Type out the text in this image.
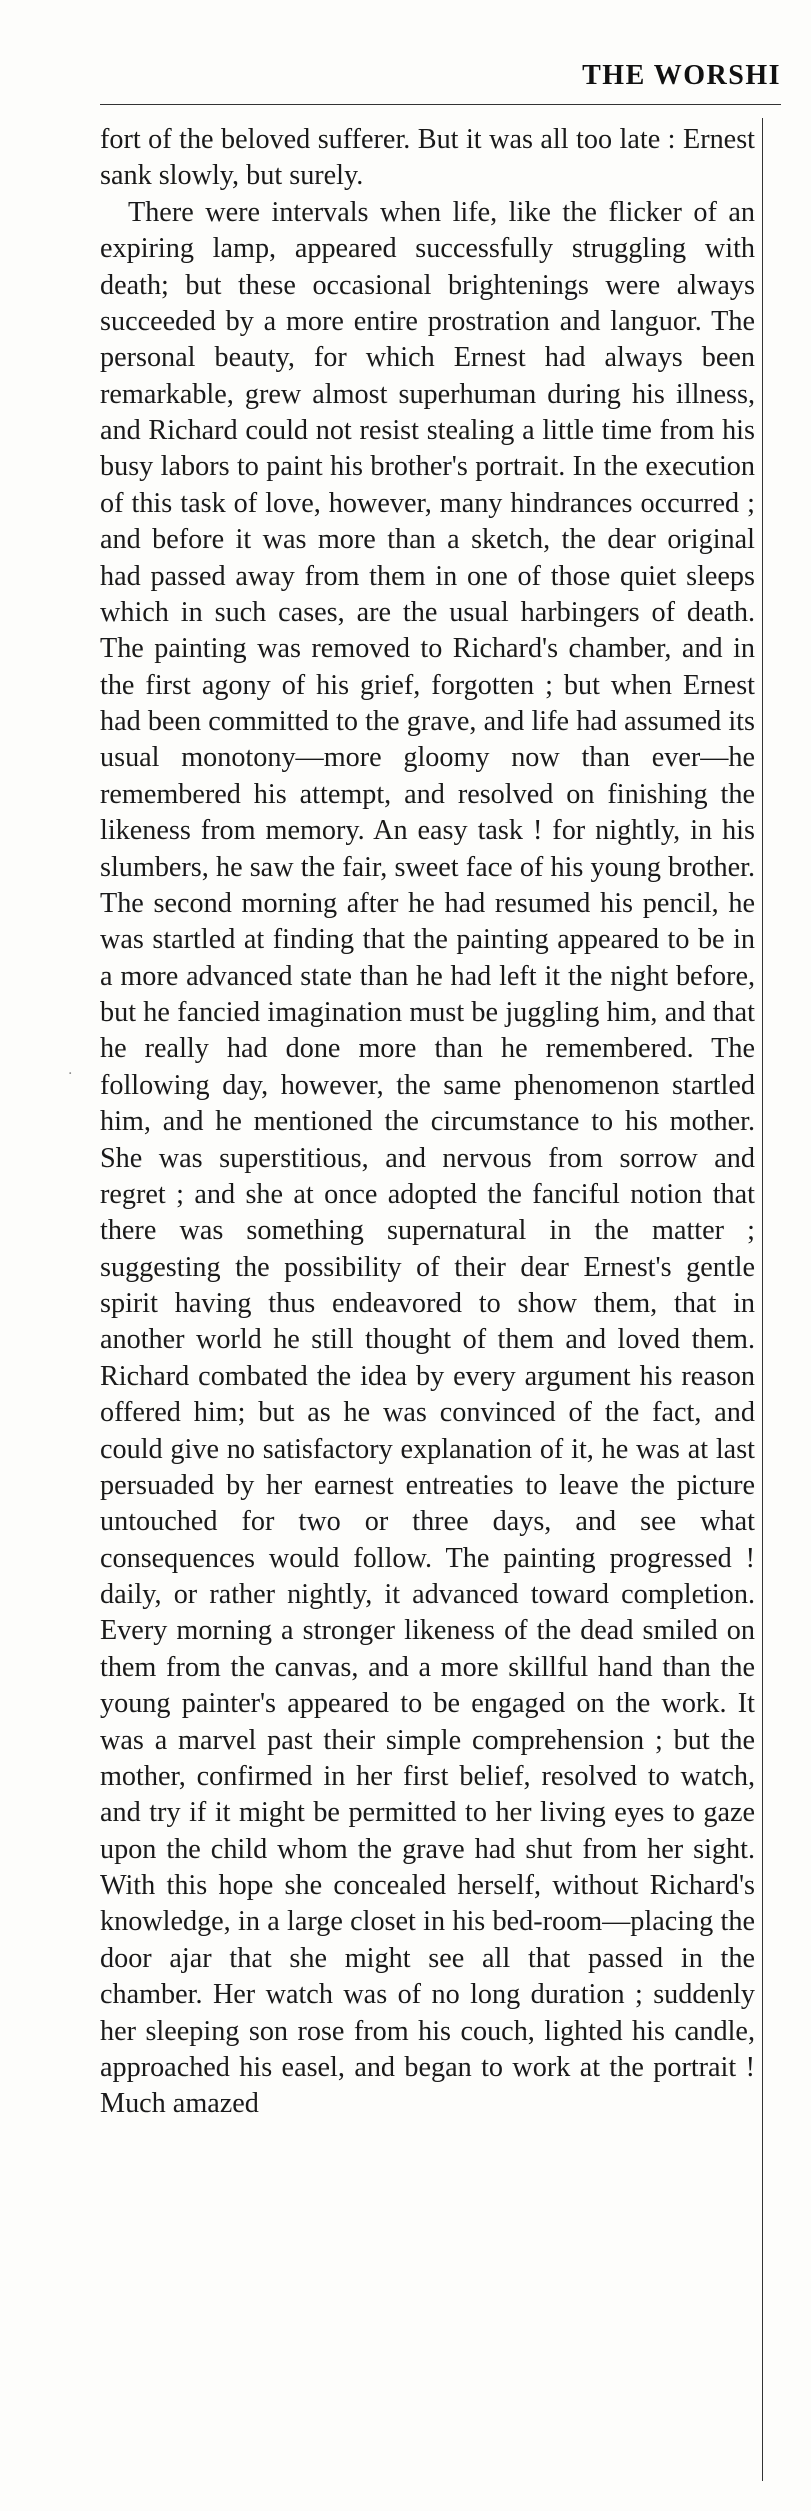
THE WORSHI
·

fort of the beloved sufferer. But it was all too late : Ernest sank slowly, but surely.

There were intervals when life, like the flicker of an expiring lamp, appeared successfully struggling with death; but these occasional brightenings were always succeeded by a more entire prostration and languor. The personal beauty, for which Ernest had always been remarkable, grew almost superhuman during his illness, and Richard could not resist stealing a little time from his busy labors to paint his brother's portrait. In the execution of this task of love, however, many hindrances occurred ; and before it was more than a sketch, the dear original had passed away from them in one of those quiet sleeps which in such cases, are the usual harbingers of death. The painting was removed to Richard's chamber, and in the first agony of his grief, forgotten ; but when Ernest had been committed to the grave, and life had assumed its usual monotony—more gloomy now than ever—he remembered his attempt, and resolved on finishing the likeness from memory. An easy task ! for nightly, in his slumbers, he saw the fair, sweet face of his young brother. The second morning after he had resumed his pencil, he was startled at finding that the painting appeared to be in a more advanced state than he had left it the night before, but he fancied imagination must be juggling him, and that he really had done more than he remembered. The following day, however, the same phenomenon startled him, and he mentioned the circumstance to his mother. She was superstitious, and nervous from sorrow and regret ; and she at once adopted the fanciful notion that there was something supernatural in the matter ; suggesting the possibility of their dear Ernest's gentle spirit having thus endeavored to show them, that in another world he still thought of them and loved them. Richard combated the idea by every argument his reason offered him; but as he was convinced of the fact, and could give no satisfactory explanation of it, he was at last persuaded by her earnest entreaties to leave the picture untouched for two or three days, and see what consequences would follow. The painting progressed ! daily, or rather nightly, it advanced toward completion. Every morning a stronger likeness of the dead smiled on them from the canvas, and a more skillful hand than the young painter's appeared to be engaged on the work. It was a marvel past their simple comprehension ; but the mother, confirmed in her first belief, resolved to watch, and try if it might be permitted to her living eyes to gaze upon the child whom the grave had shut from her sight. With this hope she concealed herself, without Richard's knowledge, in a large closet in his bed-room—placing the door ajar that she might see all that passed in the chamber. Her watch was of no long duration ; suddenly her sleeping son rose from his couch, lighted his candle, approached his easel, and began to work at the portrait ! Much amazed
